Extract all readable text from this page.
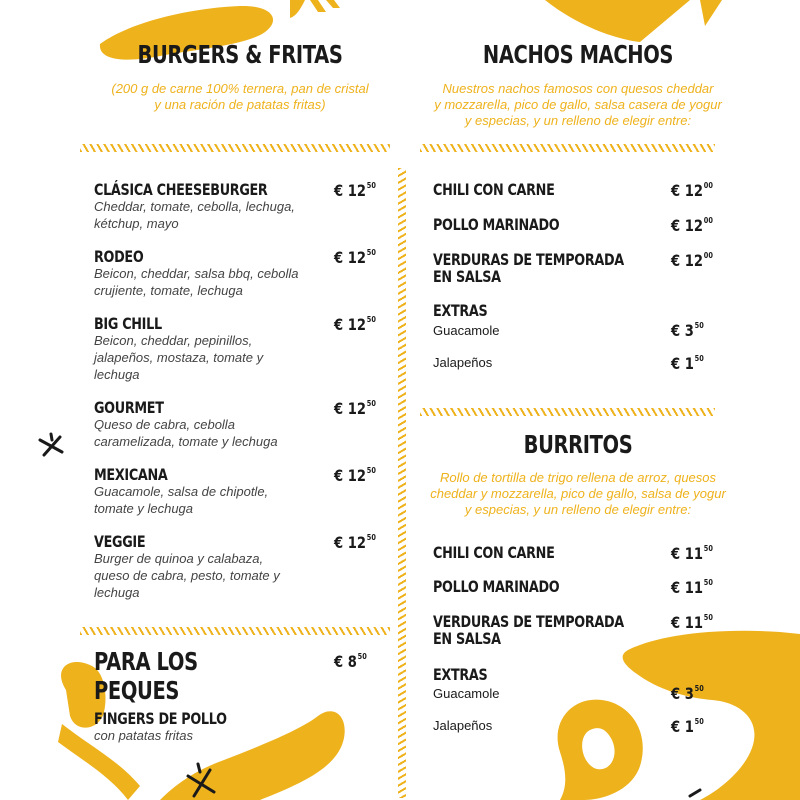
BURGERS & FRITAS
(200 g de carne 100% ternera, pan de cristal
y una ración de patatas fritas)
CLÁSICA CHEESEBURGER
Cheddar, tomate, cebolla, lechuga, kétchup, mayo
€ $12^{50}$
RODEO
Beicon, cheddar, salsa bbq, cebolla crujiente, tomate, lechuga
€ $12^{50}$
BIG CHILL
Beicon, cheddar, pepinillos, jalapeños, mostaza, tomate y lechuga
€ $12^{50}$
GOURMET
Queso de cabra, cebolla caramelizada, tomate y lechuga
€ $12^{50}$
MEXICANA
Guacamole, salsa de chipotle, tomate y lechuga
€ $12^{50}$
VEGGIE
Burger de quinoa y calabaza, queso de cabra, pesto, tomate y lechuga
€ $12^{50}$
PARA LOS PEQUES
€ $8^{50}$
FINGERS DE POLLO
con patatas fritas
NACHOS MACHOS
Nuestros nachos famosos con quesos cheddar
y mozzarella, pico de gallo, salsa casera de yogur
y especias, y un relleno de elegir entre:
CHILI CON CARNE	€ $12^{00}$
POLLO MARINADO	€ $12^{00}$
VERDURAS DE TEMPORADA
EN SALSA
€ $12^{00}$
EXTRAS
Guacamole	€ $3^{50}$
Jalapeños	€ $1^{50}$
BURRITOS
Rollo de tortilla de trigo rellena de arroz, quesos
cheddar y mozzarella, pico de gallo, salsa de yogur
y especias, y un relleno de elegir entre:
CHILI CON CARNE	€ $11^{50}$
POLLO MARINADO	€ $11^{50}$
VERDURAS DE TEMPORADA
EN SALSA
€ $11^{50}$
EXTRAS
Guacamole	€ $3^{50}$
Jalapeños	€ $1^{50}$
